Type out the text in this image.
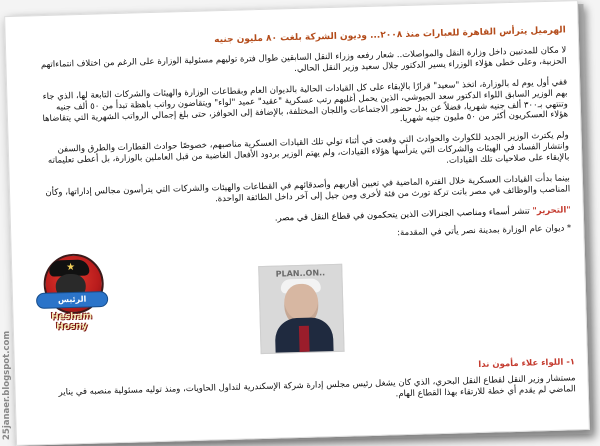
الهرميل يترأس القاهرة للعبارات منذ ٢٠٠٨... وديون الشركة بلغت ٨٠ مليون جنيه

لا مكان للمدنيين داخل وزارة النقل والمواصلات.. شعار رفعه وزراء النقل السابقين طوال فترة توليهم مسئولية الوزارة على الرغم من اختلاف انتماءاتهم الحزبية، وعلى خطى هؤلاء الوزراء يسير الدكتور جلال سعيد وزير النقل الحالي.

ففي أول يوم له بالوزارة، اتخذ "سعيد" قرارًا بالإبقاء على كل القيادات الحالية بالديوان العام وبقطاعات الوزارة والهيئات والشركات التابعة لها، الذي جاء بهم الوزير السابق اللواء الدكتور سعد الجيوشي، الذين يحمل أغلبهم رتب عسكرية "عقيد" عميد "لواء" ويتقاضون رواتب باهظة تبدأ من ٥٠ ألف جنيه وتنتهي بـ٣٠٠ ألف جنيه شهريا، فضلاً عن بدل حضور الاجتماعات واللجان المختلفة، بالإضافة إلى الحوافز، حتى بلغ إجمالي الرواتب الشهرية التي يتقاضاها هؤلاء العسكريون أكثر من ٥٠ مليون جنيه شهريا.

ولم يكترث الوزير الجديد للكوارث والحوادث التي وقعت في أثناء تولي تلك القيادات العسكرية مناصبهم، خصوصًا حوادث القطارات والطرق والسفن وانتشار الفساد في الهيئات والشركات التي يترأسها هؤلاء القيادات، ولم يهتم الوزير بردود الأفعال الغاضبة من قبل العاملين بالوزارة، بل أعطى تعليماته بالإبقاء على صلاحيات تلك القيادات.

بينما بدأت القيادات العسكرية خلال الفترة الماضية في تعيين أقاربهم وأصدقائهم في القطاعات والهيئات والشركات التي يترأسون مجالس إداراتها، وكأن المناصب والوظائف في مصر باتت تركة تورث من فئة لأخرى ومن جيل إلى آخر داخل الطائفة الواحدة.

"التحرير" تنشر أسماء ومناصب الجنرالات الذين يتحكمون في قطاع النقل في مصر.
* ديوان عام الوزارة بمدينة نصر يأتي في المقدمة:
١- اللواء علاء مأمون ندا

مستشار وزير النقل لقطاع النقل البحري، الذي كان يشغل رئيس مجلس إدارة شركة الإسكندرية لتداول الحاويات، ومنذ توليه مسئولية منصبه في يناير الماضي لم يقدم أي خطة للارتقاء بهذا القطاع الهام.

PLAN..ON..
★
الرئيس
Hesham Hosny
25janaer.blogspot.com
